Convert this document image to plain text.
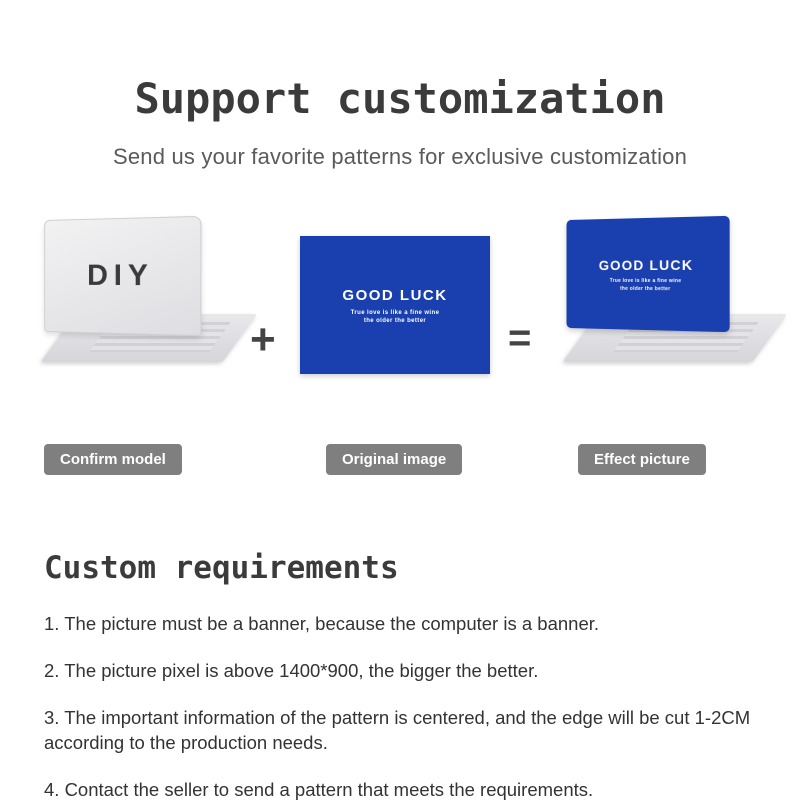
Support customization
Send us your favorite patterns for exclusive customization
DIY
+
GOOD LUCK
True love is like a fine wine
the older the better =
GOOD LUCK
True love is like a fine wine
the older the better
Confirm model	Original image	Effect picture
Custom requirements
1. The picture must be a banner, because the computer is a banner.
2. The picture pixel is above 1400*900, the bigger the better.
3. The important information of the pattern is centered, and the edge will be cut 1-2CM according to the production needs.
4. Contact the seller to send a pattern that meets the requirements.
